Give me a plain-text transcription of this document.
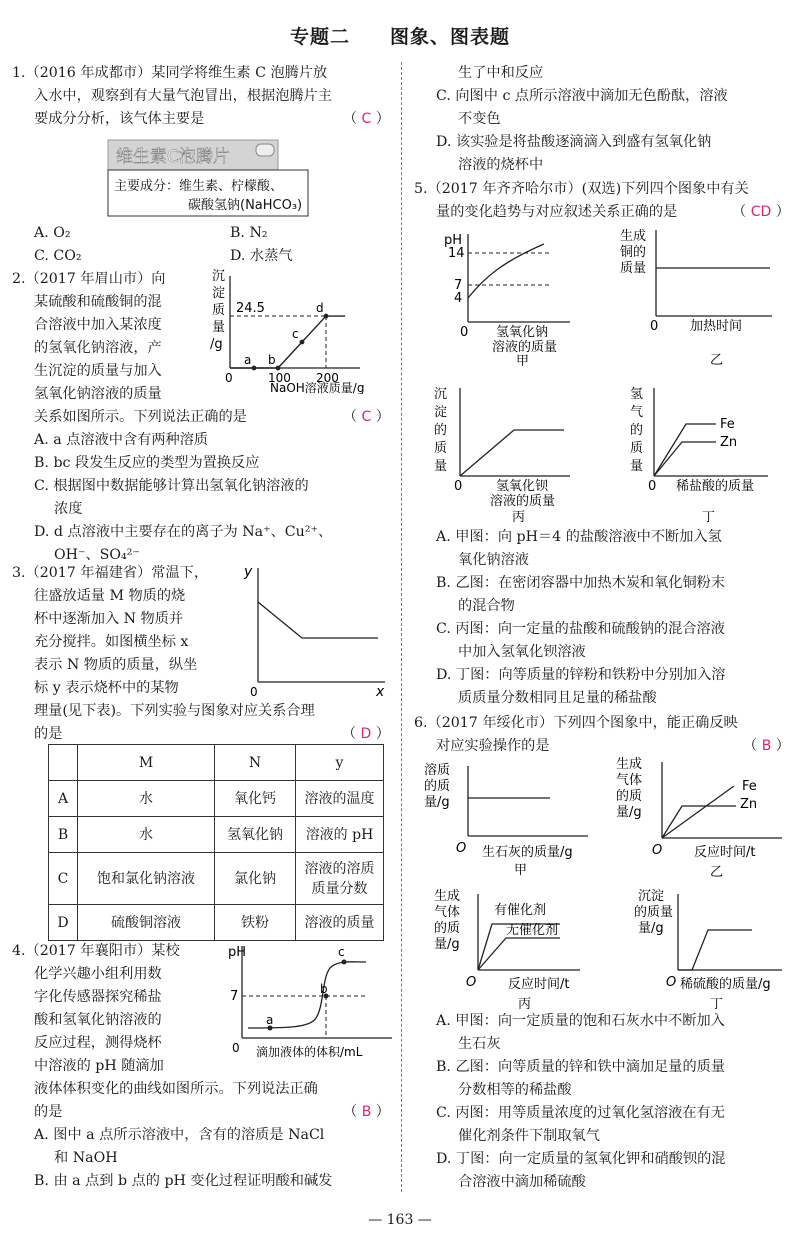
专题二　　图象、图表题

1.（2016 年成都市）某同学将维生素 C 泡腾片放

入水中，观察到有大量气泡冒出，根据泡腾片主

要成分分析，该气体主要是	（ C ）

维生素C泡腾片
主要成分：维生素、柠檬酸、
碳酸氢钠(NaHCO₃)

A. O₂	B. N₂

C. CO₂	D. 水蒸气

2.（2017 年眉山市）向

某硫酸和硫酸铜的混

合溶液中加入某浓度

的氢氧化钠溶液，产

生沉淀的质量与加入

氢氧化钠溶液的质量

关系如图所示。下列说法正确的是	（ C ）

A. a 点溶液中含有两种溶质

B. bc 段发生反应的类型为置换反应

C. 根据图中数据能够计算出氢氧化钠溶液的

浓度

D. d 点溶液中主要存在的离子为 Na⁺、Cu²⁺、

OH⁻、SO₄²⁻

沉
淀
质
量
/g
a b
c
d
0	100 200
24.5
NaOH溶液质量/g

3.（2017 年福建省）常温下，

往盛放适量 M 物质的烧

杯中逐渐加入 N 物质并

充分搅拌。如图横坐标 x

表示 N 物质的质量，纵坐

标 y 表示烧杯中的某物

理量(见下表)。下列实验与图象对应关系合理

的是	（ D ）

y
0	x
	M	N	y
A	水	氧化钙	溶液的温度
B	水	氢氧化钠	溶液的 pH
C	饱和氯化钠溶液	氯化钠	溶液的溶质质量分数
D	硫酸铜溶液	铁粉	溶液的质量

4.（2017 年襄阳市）某校

化学兴趣小组利用数

字化传感器探究稀盐

酸和氢氧化钠溶液的

反应过程，测得烧杯

中溶液的 pH 随滴加

液体体积变化的曲线如图所示。下列说法正确

的是	（ B ）

A. 图中 a 点所示溶液中，含有的溶质是 NaCl

和 NaOH

B. 由 a 点到 b 点的 pH 变化过程证明酸和碱发

pH
7
a
b
c
0 滴加液体的体积/mL

生了中和反应

C. 向图中 c 点所示溶液中滴加无色酚酞，溶液

不变色

D. 该实验是将盐酸逐滴滴入到盛有氢氧化钠

溶液的烧杯中

5.（2017 年齐齐哈尔市）(双选)下列四个图象中有关

量的变化趋势与对应叙述关系正确的是	（ CD ）

pH
14
7
4
0 氢氧化钠
溶液的质量
甲
生成
铜的
质量
0 加热时间
乙
沉
淀
的
质
量
0	氢氧化钡
溶液的质量
丙
氢
气
的
质
量
Fe
Zn
0 稀盐酸的质量
丁

A. 甲图：向 pH＝4 的盐酸溶液中不断加入氢

氧化钠溶液

B. 乙图：在密闭容器中加热木炭和氧化铜粉末

的混合物

C. 丙图：向一定量的盐酸和硫酸钠的混合溶液

中加入氢氧化钡溶液

D. 丁图：向等质量的锌粉和铁粉中分别加入溶

质质量分数相同且足量的稀盐酸

6.（2017 年绥化市）下列四个图象中，能正确反映

对应实验操作的是	（ B ）

溶质
的质
量/g
O 生石灰的质量/g
甲
生成
气体
的质
量/g
Fe
Zn
O 反应时间/t
乙
生成
气体
的质
量/g
有催化剂
无催化剂
O 反应时间/t
丙
沉淀
的质量
量/g
O 稀硫酸的质量/g
丁

A. 甲图：向一定质量的饱和石灰水中不断加入

生石灰

B. 乙图：向等质量的锌和铁中滴加足量的质量

分数相等的稀盐酸

C. 丙图：用等质量浓度的过氧化氢溶液在有无

催化剂条件下制取氧气

D. 丁图：向一定质量的氢氧化钾和硝酸钡的混

合溶液中滴加稀硫酸

— 163 —
